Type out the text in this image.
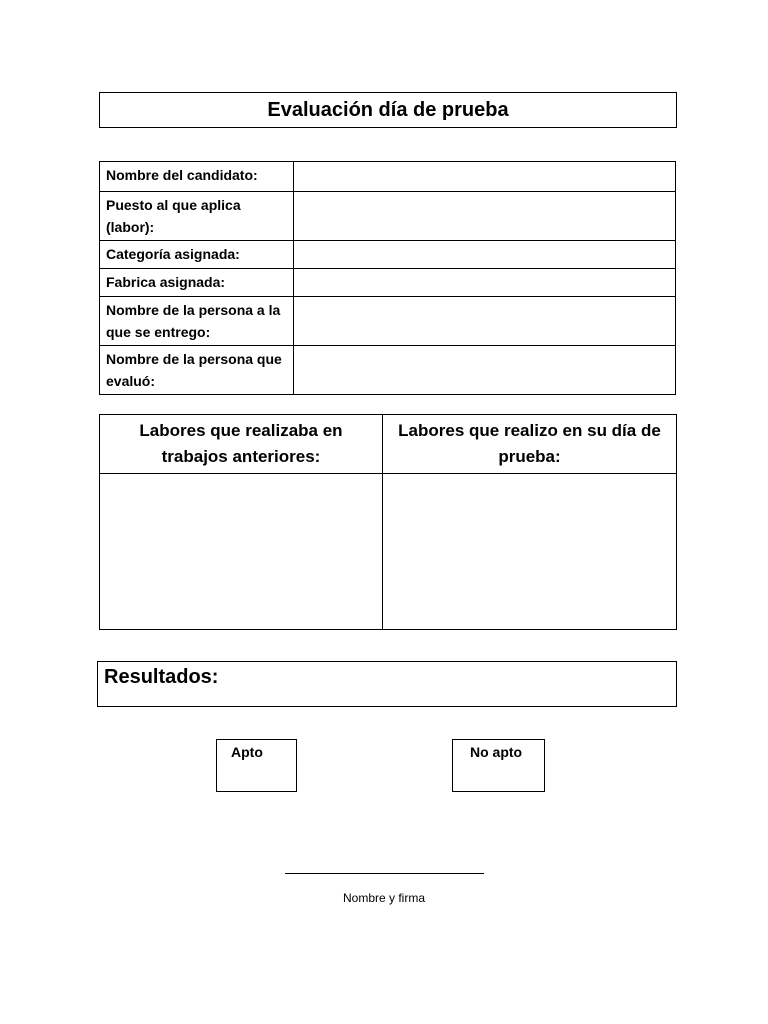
Evaluación día de prueba
Nombre del candidato:	
Puesto al que aplica (labor):	
Categoría asignada:	
Fabrica asignada:	
Nombre de la persona a la que se entrego:	
Nombre de la persona que evaluó:	
Labores que realizaba en trabajos anteriores:	Labores que realizo en su día de prueba:

Resultados:
Apto	No apto
Nombre y firma
